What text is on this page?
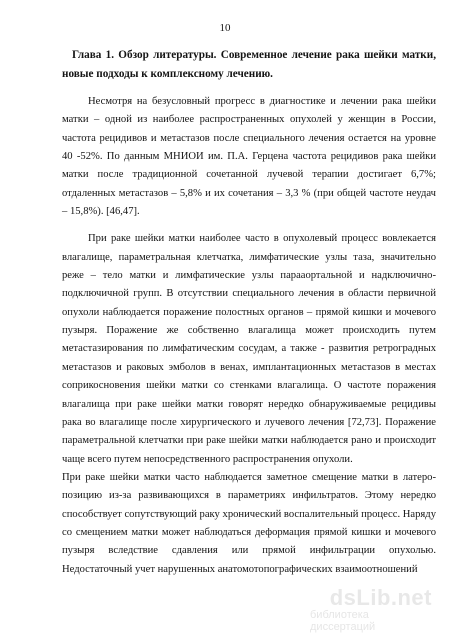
10

Глава 1. Обзор литературы. Современное лечение рака шейки матки, новые подходы к комплексному лечению.

Несмотря на безусловный прогресс в диагностике и лечении рака шейки матки – одной из наиболее распространенных опухолей у женщин в России, частота рецидивов и метастазов после специального лечения остается на уровне 40 -52%. По данным МНИОИ им. П.А. Герцена частота рецидивов рака шейки матки после традиционной сочетанной лучевой терапии достигает 6,7%; отдаленных метастазов – 5,8% и их сочетания – 3,3 % (при общей частоте неудач – 15,8%). [46,47].

При раке шейки матки наиболее часто в опухолевый процесс вовлекается влагалище, параметральная клетчатка, лимфатические узлы таза, значительно реже – тело матки и лимфатические узлы парааортальной и надключично-подключичной групп. В отсутствии специального лечения в области первичной опухоли наблюдается поражение полостных органов – прямой кишки и мочевого пузыря. Поражение же собственно влагалища может происходить путем метастазирования по лимфатическим сосудам, а также - развития ретроградных метастазов и раковых эмболов в венах, имплантационных метастазов в местах соприкосновения шейки матки со стенками влагалища. О частоте поражения влагалища при раке шейки матки говорят нередко обнаруживаемые рецидивы рака во влагалище после хирургического и лучевого лечения [72,73]. Поражение параметральной клетчатки при раке шейки матки наблюдается рано и происходит чаще всего путем непосредственного распространения опухоли.

При раке шейки матки часто наблюдается заметное смещение матки в латеро-позицию из-за развивающихся в параметриях инфильтратов. Этому нередко способствует сопутствующий раку хронический воспалительный процесс. Наряду со смещением матки может наблюдаться деформация прямой кишки и мочевого пузыря вследствие сдавления или прямой инфильтрации опухолью. Недостаточный учет нарушенных анатомотопографических взаимоотношений

dsLib.net
библиотека диссертаций
